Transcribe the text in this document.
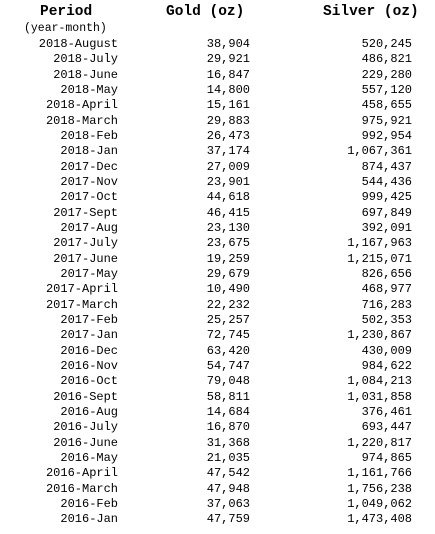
Period	Gold (oz)	Silver (oz)
(year-month)
2018-August	38,904	520,245
2018-July	29,921	486,821
2018-June	16,847	229,280
2018-May	14,800	557,120
2018-April	15,161	458,655
2018-March	29,883	975,921
2018-Feb	26,473	992,954
2018-Jan	37,174	1,067,361
2017-Dec	27,009	874,437
2017-Nov	23,901	544,436
2017-Oct	44,618	999,425
2017-Sept	46,415	697,849
2017-Aug	23,130	392,091
2017-July	23,675	1,167,963
2017-June	19,259	1,215,071
2017-May	29,679	826,656
2017-April	10,490	468,977
2017-March	22,232	716,283
2017-Feb	25,257	502,353
2017-Jan	72,745	1,230,867
2016-Dec	63,420	430,009
2016-Nov	54,747	984,622
2016-Oct	79,048	1,084,213
2016-Sept	58,811	1,031,858
2016-Aug	14,684	376,461
2016-July	16,870	693,447
2016-June	31,368	1,220,817
2016-May	21,035	974,865
2016-April	47,542	1,161,766
2016-March	47,948	1,756,238
2016-Feb	37,063	1,049,062
2016-Jan	47,759	1,473,408
